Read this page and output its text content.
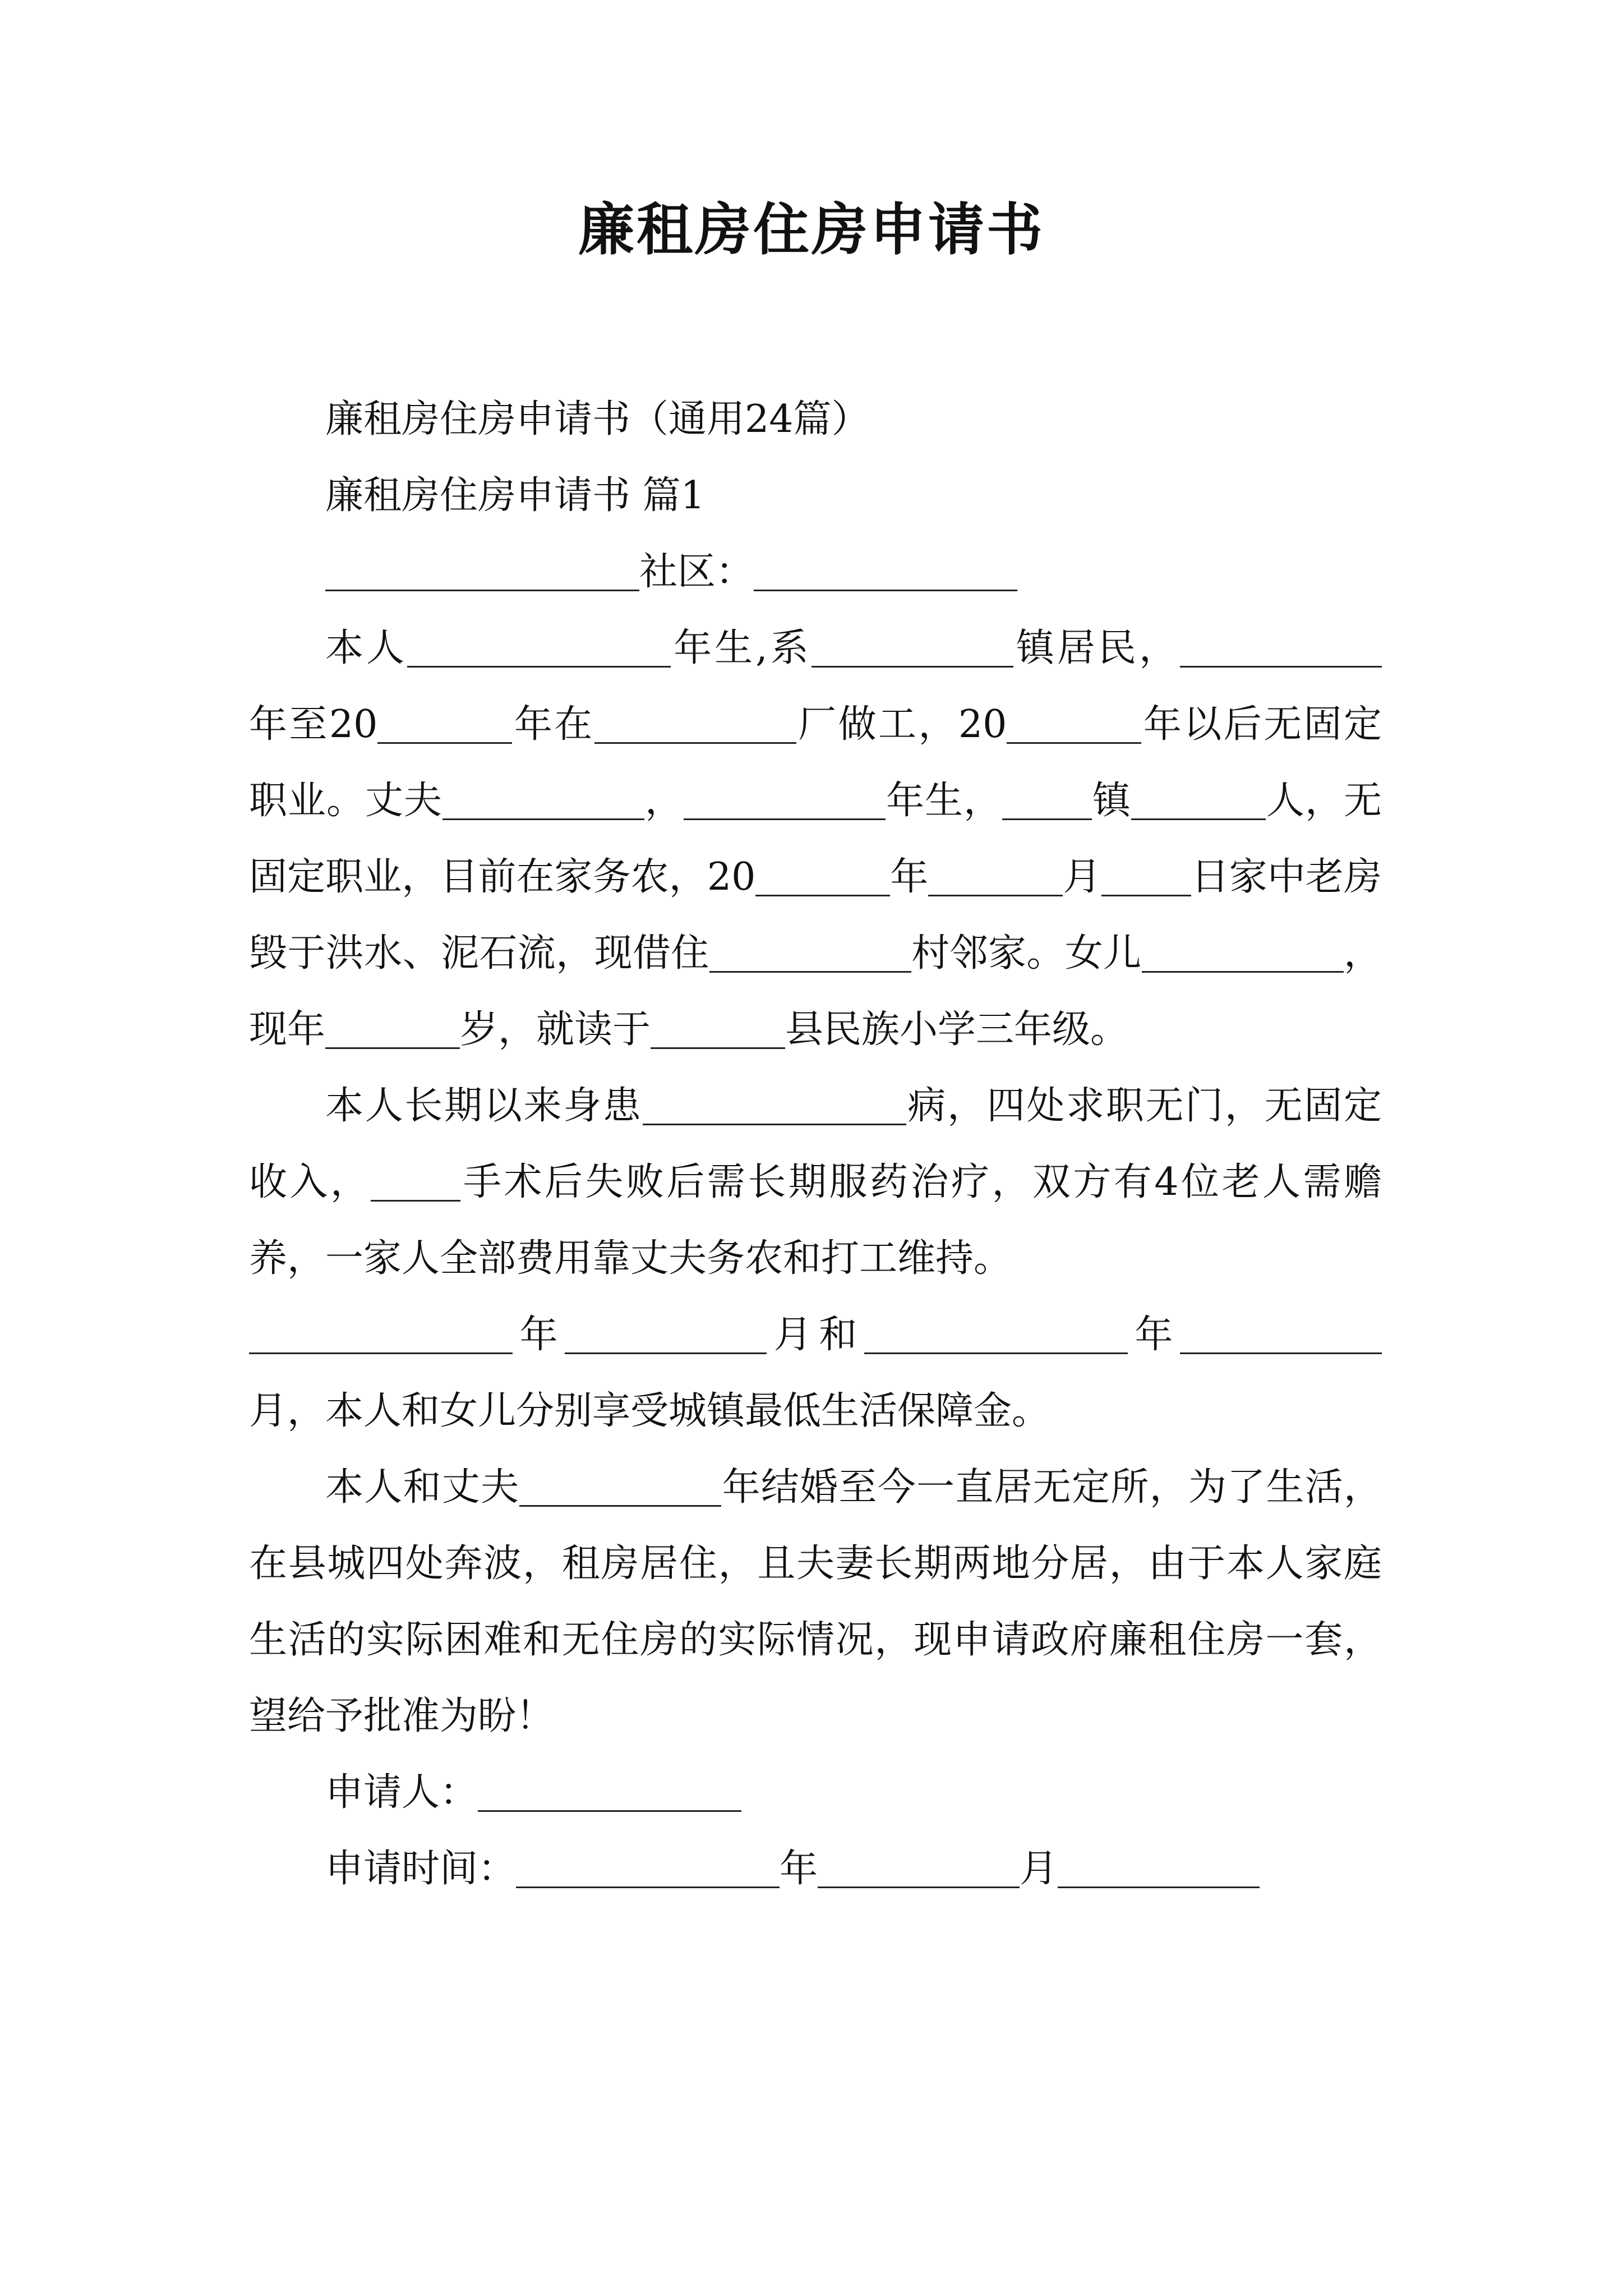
廉租房住房申请书

廉租房住房申请书（通用24篇）

廉租房住房申请书 篇1

社区：

本人	年生,系	镇居民，年至20	年在	厂做工，20	年以后无固定职业。丈夫	，	年生， 镇	人，无固定职业，目前在家务农，20	年	月 日家中老房毁于洪水、泥石流，现借住	村邻家。女儿	，现年	岁，就读于	县民族小学三年级。

本人长期以来身患	病，四处求职无门，无固定收入， 手术后失败后需长期服药治疗，双方有4位老人需赡养，一家人全部费用靠丈夫务农和打工维持。

年	月和	年月，本人和女儿分别享受城镇最低生活保障金。

本人和丈夫	年结婚至今一直居无定所，为了生活，在县城四处奔波，租房居住，且夫妻长期两地分居，由于本人家庭生活的实际困难和无住房的实际情况，现申请政府廉租住房一套，望给予批准为盼！

申请人：

申请时间：	年	月
